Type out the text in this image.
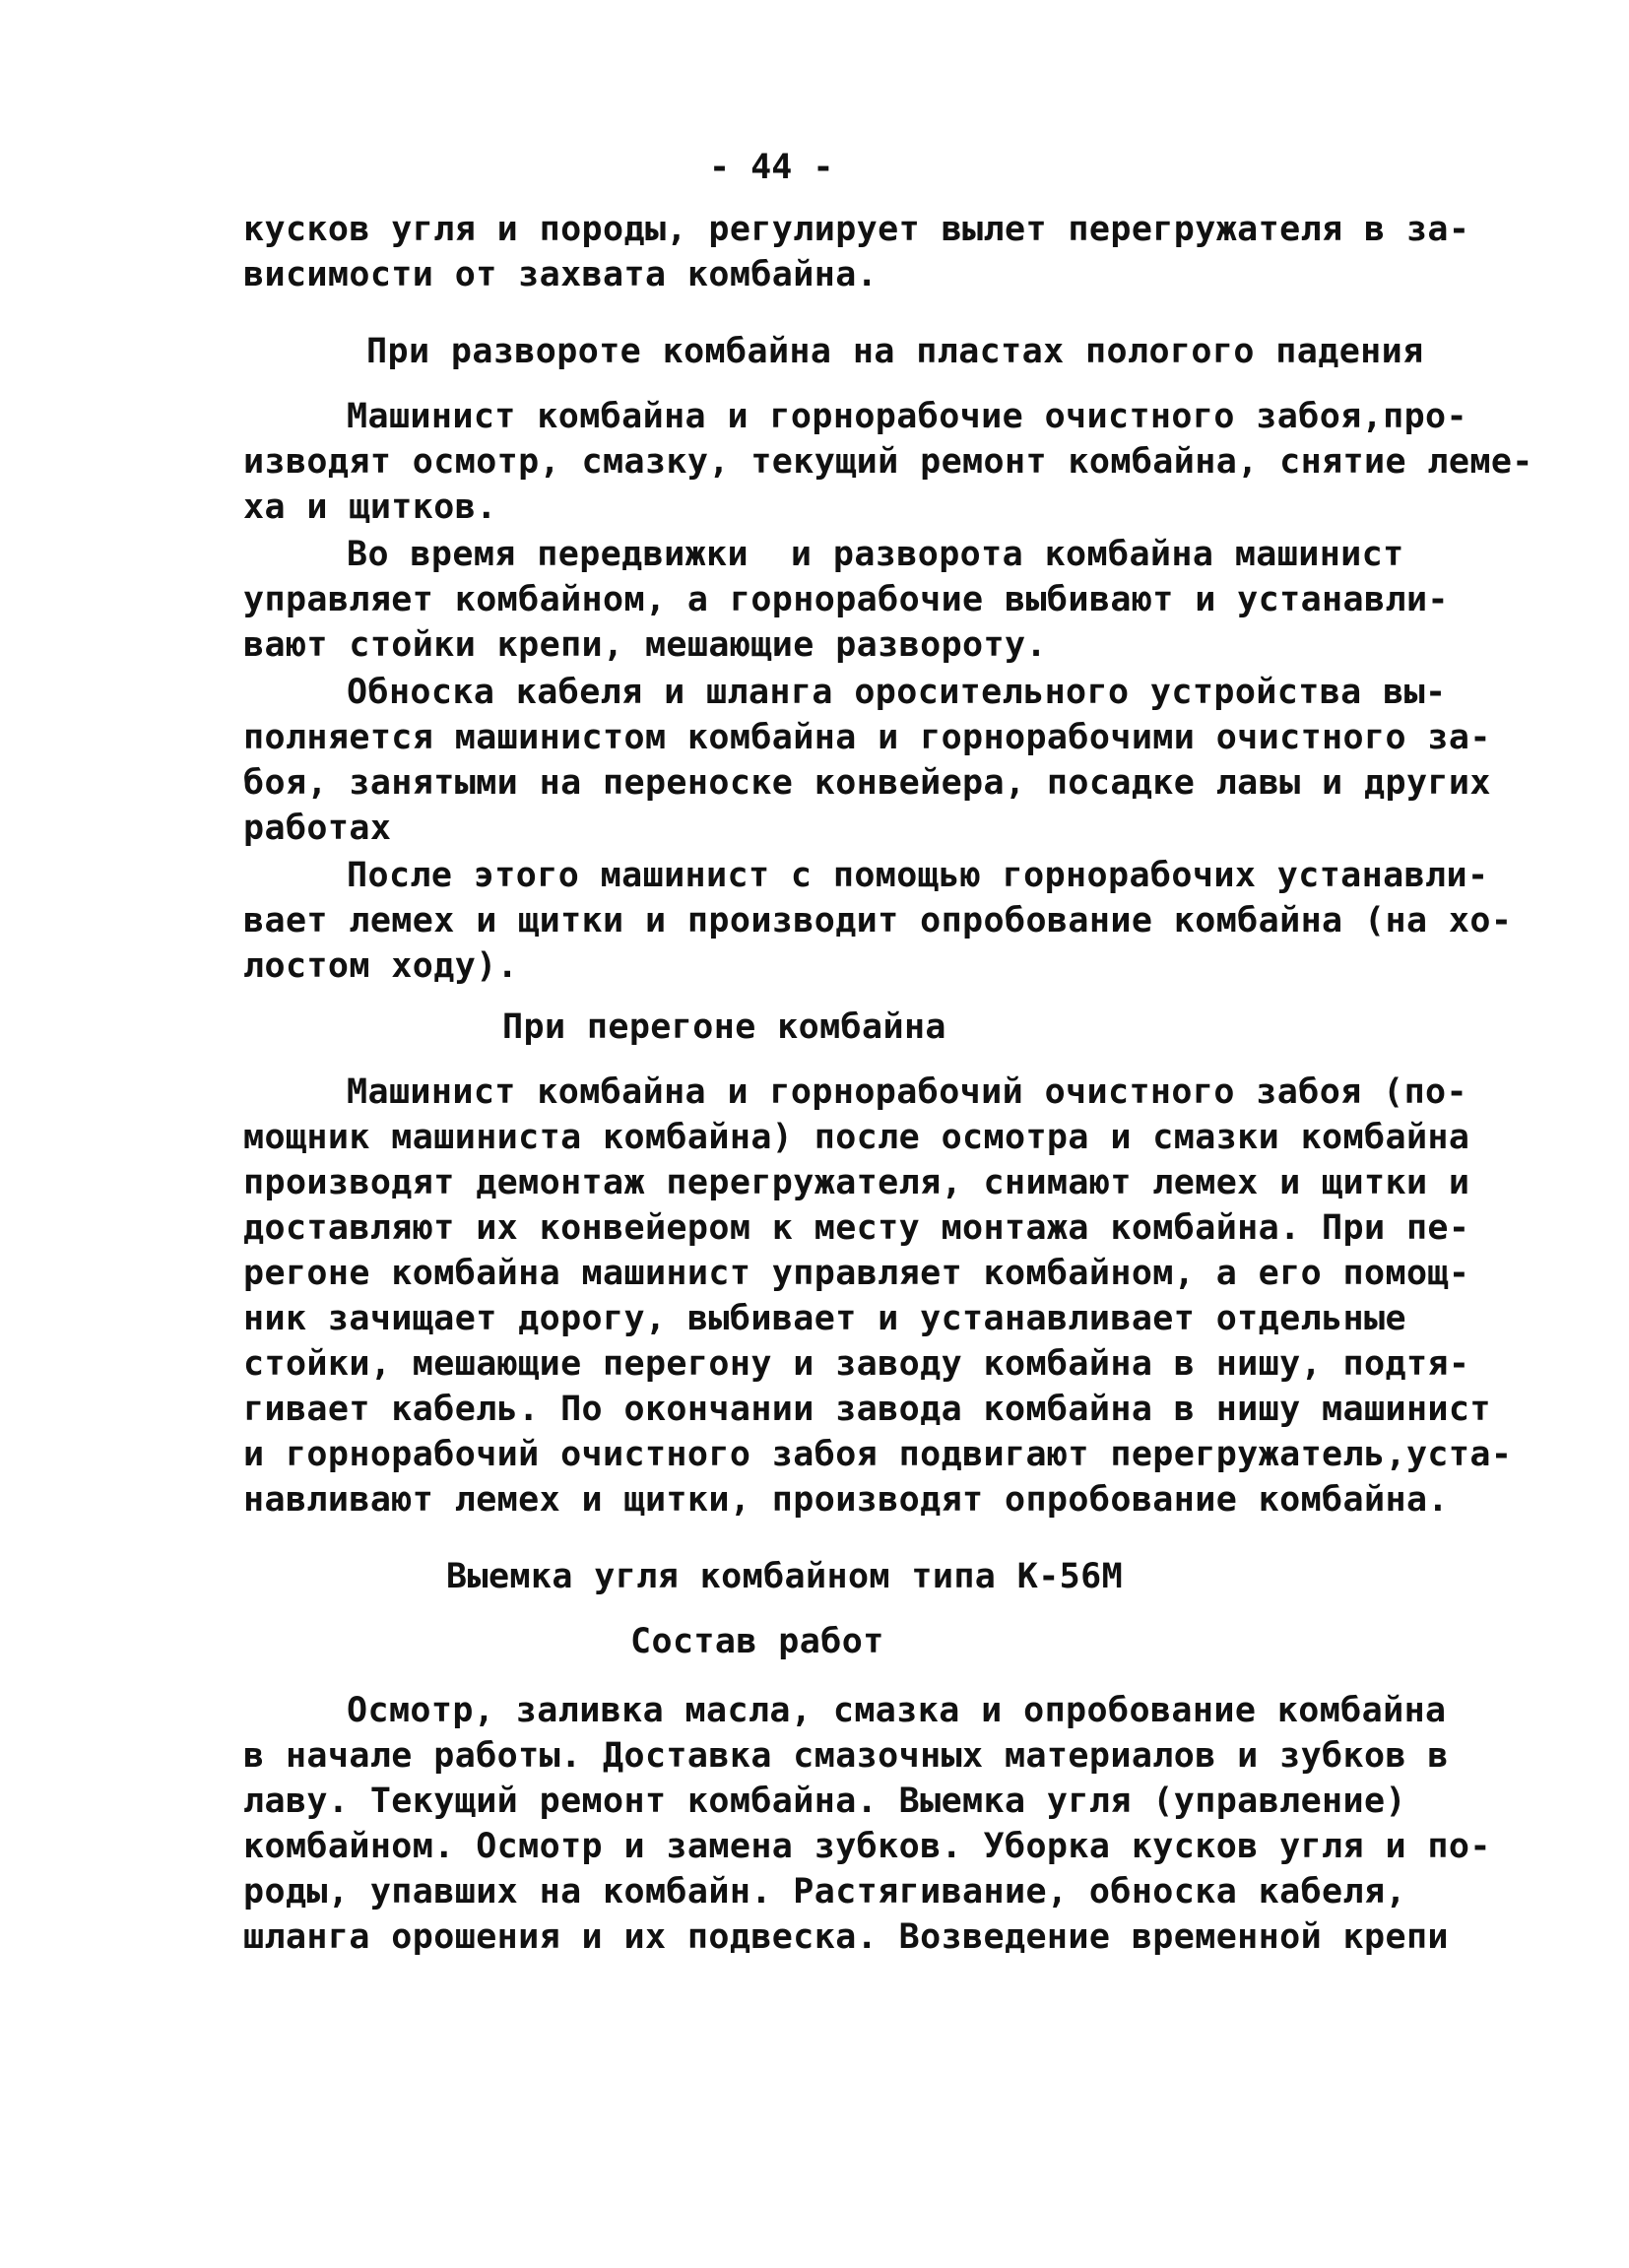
- 44 -
кусков угля и породы, регулирует вылет перегружателя в за-
висимости от захвата комбайна.
При развороте комбайна на пластах пологого падения
Машинист комбайна и горнорабочие очистного забоя,про-
изводят осмотр, смазку, текущий ремонт комбайна, снятие леме-
ха и щитков.
Во время передвижки  и разворота комбайна машинист
управляет комбайном, а горнорабочие выбивают и устанавли-
вают стойки крепи, мешающие развороту.
Обноска кабеля и шланга оросительного устройства вы-
полняется машинистом комбайна и горнорабочими очистного за-
боя, занятыми на переноске конвейера, посадке лавы и других
работах
После этого машинист с помощью горнорабочих устанавли-
вает лемех и щитки и производит опробование комбайна (на хо-
лостом ходу).
При перегоне комбайна
Машинист комбайна и горнорабочий очистного забоя (по-
мощник машиниста комбайна) после осмотра и смазки комбайна
производят демонтаж перегружателя, снимают лемех и щитки и
доставляют их конвейером к месту монтажа комбайна. При пе-
регоне комбайна машинист управляет комбайном, а его помощ-
ник зачищает дорогу, выбивает и устанавливает отдельные
стойки, мешающие перегону и заводу комбайна в нишу, подтя-
гивает кабель. По окончании завода комбайна в нишу машинист
и горнорабочий очистного забоя подвигают перегружатель,уста-
навливают лемех и щитки, производят опробование комбайна.
Выемка угля комбайном типа К-56М
Состав работ
Осмотр, заливка масла, смазка и опробование комбайна
в начале работы. Доставка смазочных материалов и зубков в
лаву. Текущий ремонт комбайна. Выемка угля (управление)
комбайном. Осмотр и замена зубков. Уборка кусков угля и по-
роды, упавших на комбайн. Растягивание, обноска кабеля,
шланга орошения и их подвеска. Возведение временной крепи
